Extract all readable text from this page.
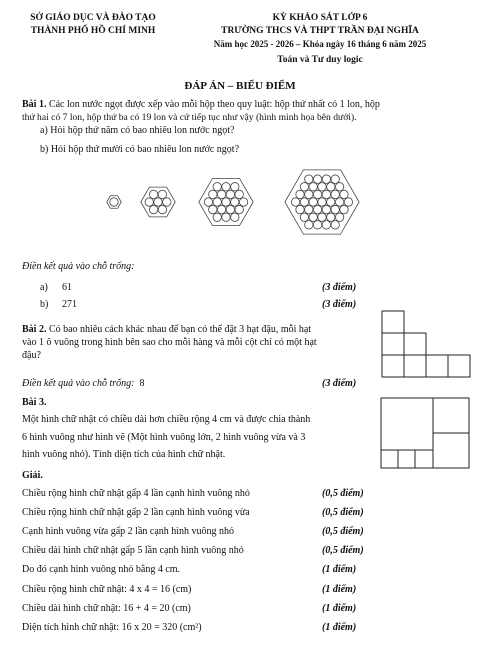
SỞ GIÁO DỤC VÀ ĐÀO TẠO
THÀNH PHỐ HỒ CHÍ MINH
KỲ KHẢO SÁT LỚP 6
TRƯỜNG THCS VÀ THPT TRẦN ĐẠI NGHĨA
Năm học 2025 - 2026 – Khóa ngày 16 tháng 6 năm 2025
Toán và Tư duy logic
ĐÁP ÁN – BIỂU ĐIỂM
Bài 1. Các lon nước ngọt được xếp vào mỗi hộp theo quy luật: hộp thứ nhất có 1 lon, hộp
thứ hai có 7 lon, hộp thứ ba có 19 lon và cứ tiếp tục như vậy (hình minh họa bên dưới).
a) Hỏi hộp thứ năm có bao nhiêu lon nước ngọt?
b) Hỏi hộp thứ mười có bao nhiêu lon nước ngọt?
Điền kết quả vào chỗ trống:
a) 61	(3 điểm)
b) 271	(3 điểm)
Bài 2. Có bao nhiêu cách khác nhau để bạn có thể đặt 3 hạt đậu, mỗi hạt
vào 1 ô vuông trong hình bên sao cho mỗi hàng và mỗi cột chỉ có một hạt
đậu?
Điền kết quả vào chỗ trống: 8	(3 điểm)
Bài 3.
Một hình chữ nhật có chiều dài hơn chiều rộng 4 cm và được chia thành
6 hình vuông như hình vẽ (Một hình vuông lớn, 2 hình vuông vừa và 3
hình vuông nhỏ). Tính diện tích của hình chữ nhật.
Giải.
Chiều rộng hình chữ nhật gấp 4 lần cạnh hình vuông nhỏ	(0,5 điểm)
Chiều rộng hình chữ nhật gấp 2 lần cạnh hình vuông vừa	(0,5 điểm)
Cạnh hình vuông vừa gấp 2 lần cạnh hình vuông nhỏ	(0,5 điểm)
Chiều dài hình chữ nhật gấp 5 lần cạnh hình vuông nhỏ	(0,5 điểm)
Do đó cạnh hình vuông nhỏ bằng 4 cm.	(1 điểm)
Chiều rộng hình chữ nhật: 4 x 4 = 16 (cm)	(1 điểm)
Chiều dài hình chữ nhật: 16 + 4 = 20 (cm)	(1 điểm)
Diện tích hình chữ nhật: 16 x 20 = 320 (cm²)	(1 điểm)
